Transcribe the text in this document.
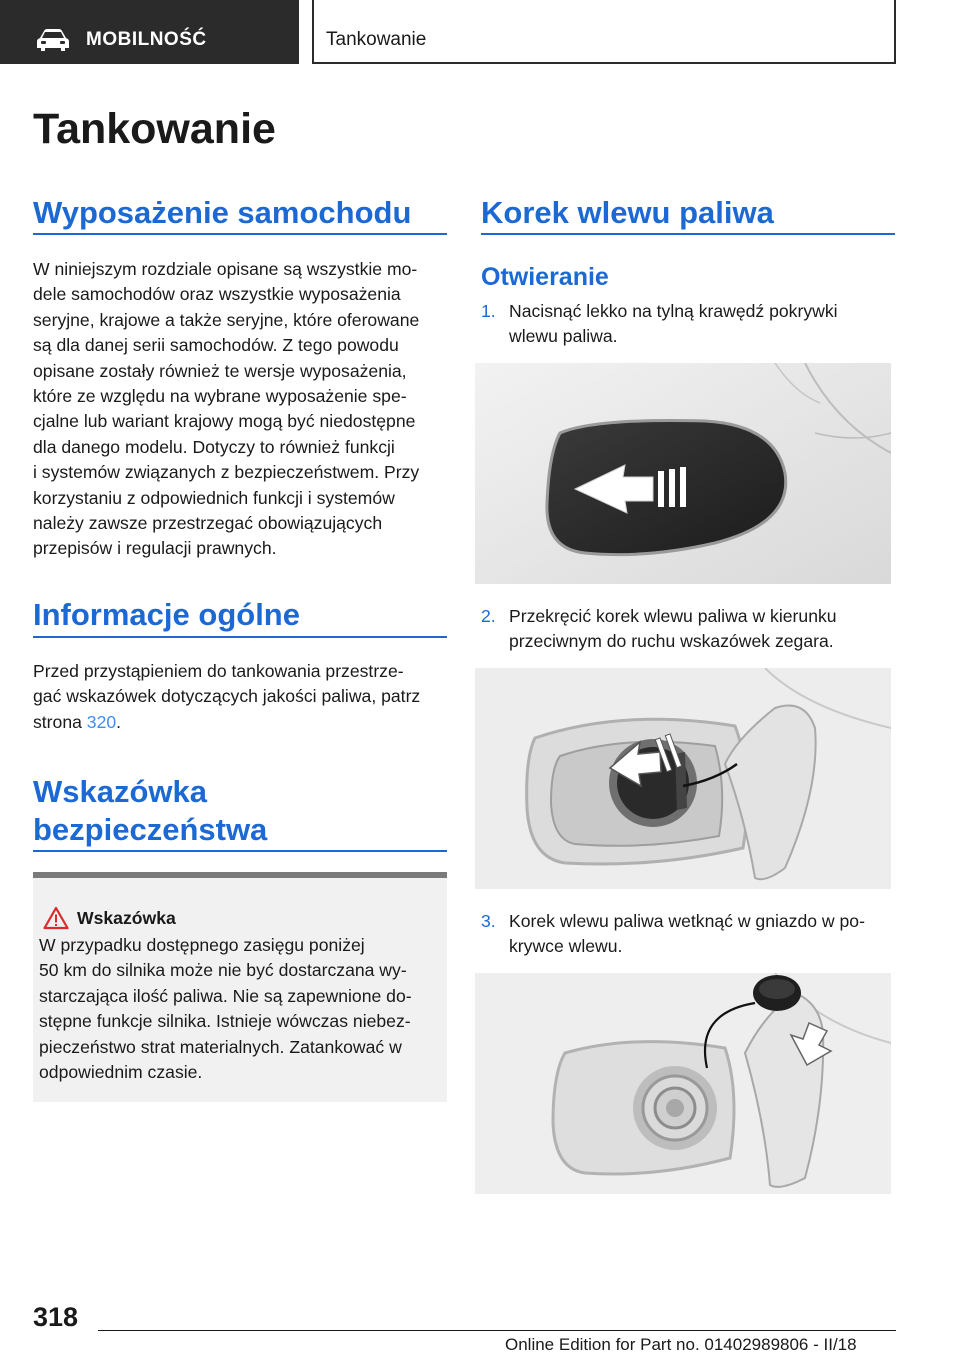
MOBILNOŚĆ	Tankowanie
Tankowanie
Wyposażenie samochodu
W niniejszym rozdziale opisane są wszystkie mo‐
dele samochodów oraz wszystkie wyposażenia
seryjne, krajowe a także seryjne, które oferowane
są dla danej serii samochodów. Z tego powodu
opisane zostały również te wersje wyposażenia,
które ze względu na wybrane wyposażenie spe‐
cjalne lub wariant krajowy mogą być niedostępne
dla danego modelu. Dotyczy to również funkcji
i systemów związanych z bezpieczeństwem. Przy
korzystaniu z odpowiednich funkcji i systemów
należy zawsze przestrzegać obowiązujących
przepisów i regulacji prawnych.
Informacje ogólne
Przed przystąpieniem do tankowania przestrze‐
gać wskazówek dotyczących jakości paliwa, patrz
strona 320.
Wskazówka
bezpieczeństwa
Wskazówka
W przypadku dostępnego zasięgu poniżej
50 km do silnika może nie być dostarczana wy‐
starczająca ilość paliwa. Nie są zapewnione do‐
stępne funkcje silnika. Istnieje wówczas niebez‐
pieczeństwo strat materialnych. Zatankować w
odpowiednim czasie.
Korek wlewu paliwa
Otwieranie
1. Nacisnąć lekko na tylną krawędź pokrywki
wlewu paliwa.
2. Przekręcić korek wlewu paliwa w kierunku
przeciwnym do ruchu wskazówek zegara.
3. Korek wlewu paliwa wetknąć w gniazdo w po‐
krywce wlewu.
318
Online Edition for Part no. 01402989806 - II/18
